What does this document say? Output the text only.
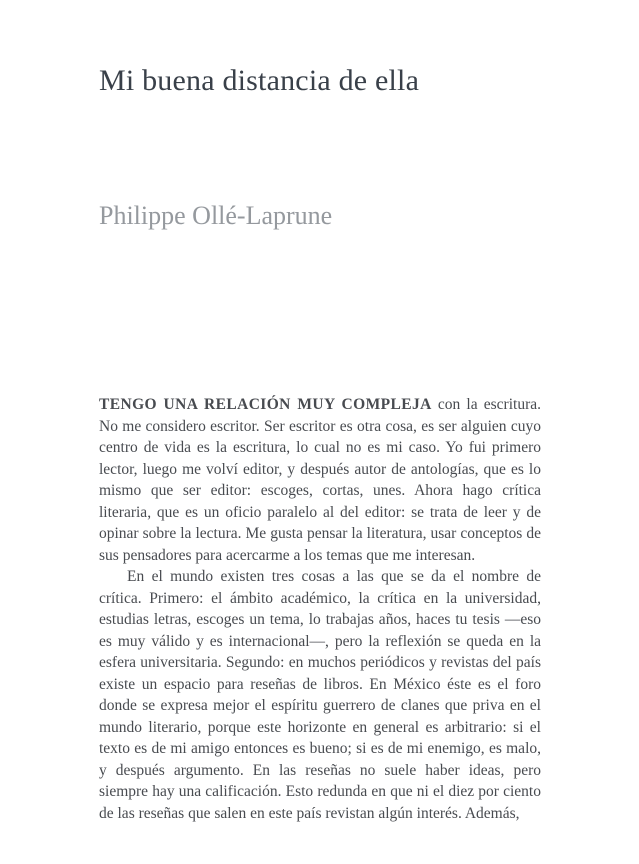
Mi buena distancia de ella
Philippe Ollé-Laprune

TENGO UNA RELACIÓN MUY COMPLEJA con la escritura. No me considero escritor. Ser escritor es otra cosa, es ser alguien cuyo centro de vida es la escritura, lo cual no es mi caso. Yo fui primero lector, luego me volví editor, y después autor de antologías, que es lo mismo que ser editor: escoges, cortas, unes. Ahora hago crítica literaria, que es un oficio paralelo al del editor: se trata de leer y de opinar sobre la lectura. Me gusta pensar la literatura, usar conceptos de sus pensadores para acercarme a los temas que me interesan.

En el mundo existen tres cosas a las que se da el nombre de crítica. Primero: el ámbito académico, la crítica en la universidad, estudias letras, escoges un tema, lo trabajas años, haces tu tesis —eso es muy válido y es internacional—, pero la reflexión se queda en la esfera universitaria. Segundo: en muchos periódicos y revistas del país existe un espacio para reseñas de libros. En México éste es el foro donde se expresa mejor el espíritu guerrero de clanes que priva en el mundo literario, porque este horizonte en general es arbitrario: si el texto es de mi amigo entonces es bueno; si es de mi enemigo, es malo, y después argumento. En las reseñas no suele haber ideas, pero siempre hay una calificación. Esto redunda en que ni el diez por ciento de las reseñas que salen en este país revistan algún interés. Además,
